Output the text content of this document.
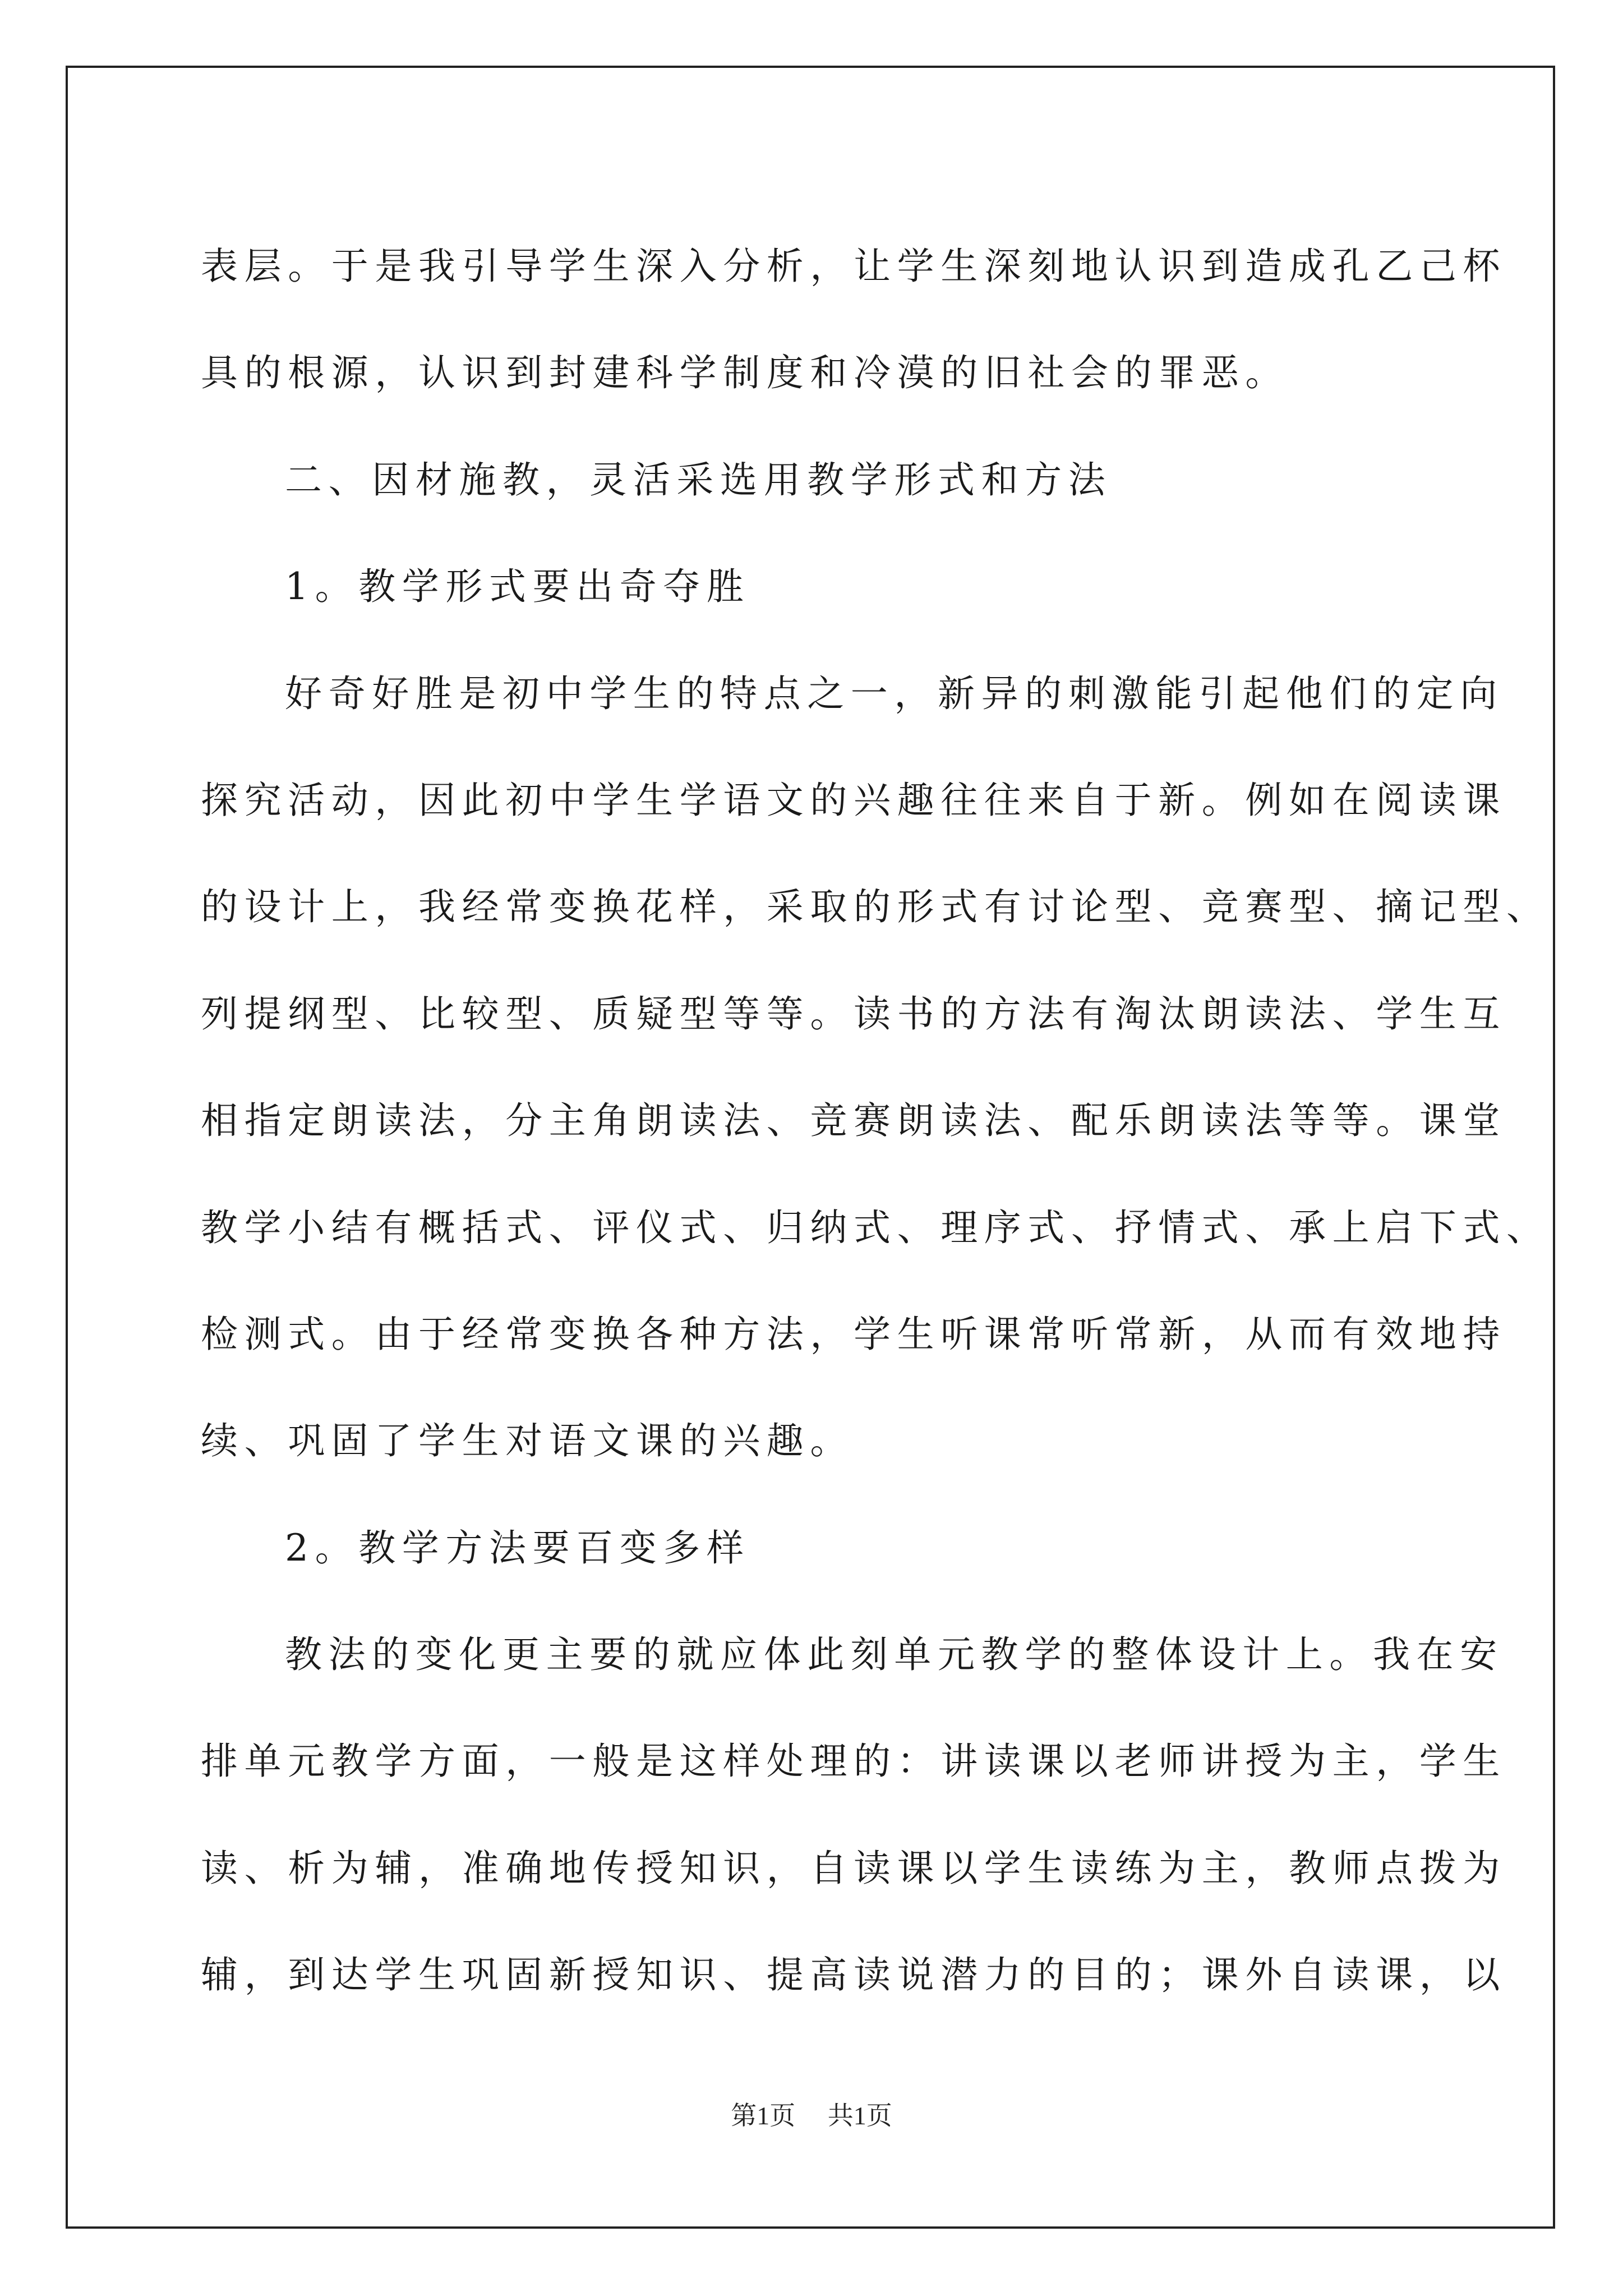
表层。于是我引导学生深入分析，让学生深刻地认识到造成孔乙己杯
具的根源，认识到封建科学制度和冷漠的旧社会的罪恶。
二、因材施教，灵活采选用教学形式和方法
1。教学形式要出奇夺胜
好奇好胜是初中学生的特点之一，新异的刺激能引起他们的定向
探究活动，因此初中学生学语文的兴趣往往来自于新。例如在阅读课
的设计上，我经常变换花样，采取的形式有讨论型、竞赛型、摘记型、
列提纲型、比较型、质疑型等等。读书的方法有淘汰朗读法、学生互
相指定朗读法，分主角朗读法、竞赛朗读法、配乐朗读法等等。课堂
教学小结有概括式、评仪式、归纳式、理序式、抒情式、承上启下式、
检测式。由于经常变换各种方法，学生听课常听常新，从而有效地持
续、巩固了学生对语文课的兴趣。
2。教学方法要百变多样
教法的变化更主要的就应体此刻单元教学的整体设计上。我在安
排单元教学方面，一般是这样处理的：讲读课以老师讲授为主，学生
读、析为辅，准确地传授知识，自读课以学生读练为主，教师点拨为
辅，到达学生巩固新授知识、提高读说潜力的目的；课外自读课，以
第1页 共1页
